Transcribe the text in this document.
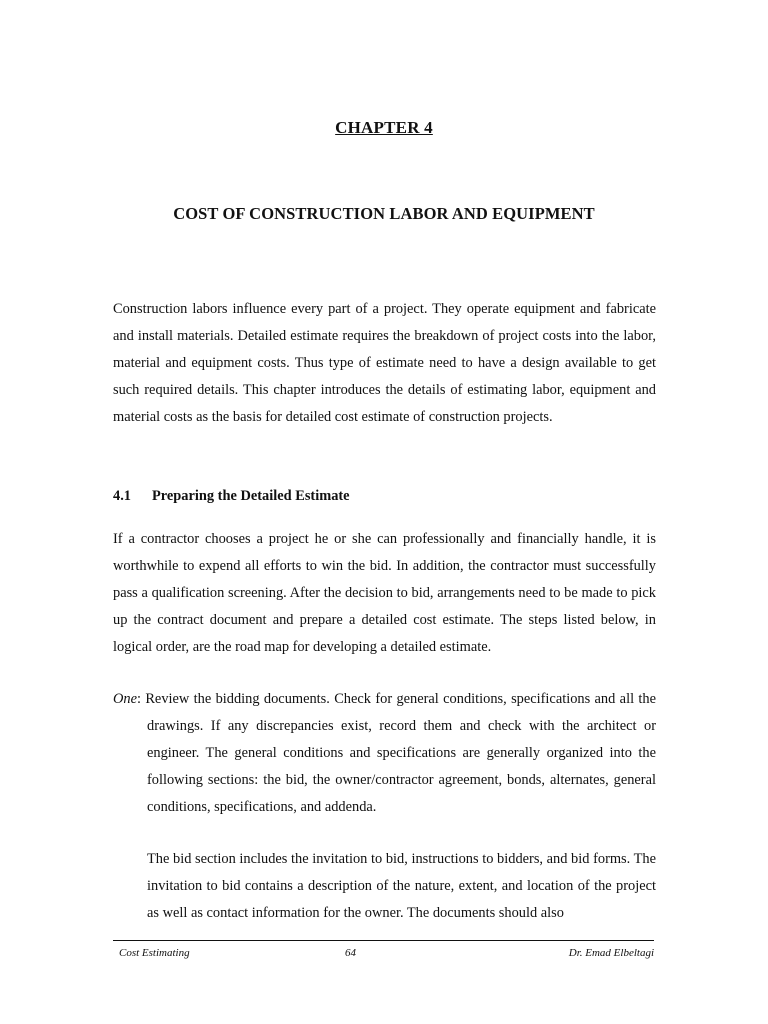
CHAPTER 4
COST OF CONSTRUCTION LABOR AND EQUIPMENT

Construction labors influence every part of a project. They operate equipment and fabricate and install materials. Detailed estimate requires the breakdown of project costs into the labor, material and equipment costs. Thus type of estimate need to have a design available to get such required details. This chapter introduces the details of estimating labor, equipment and material costs as the basis for detailed cost estimate of construction projects.

4.1 Preparing the Detailed Estimate

If a contractor chooses a project he or she can professionally and financially handle, it is worthwhile to expend all efforts to win the bid. In addition, the contractor must successfully pass a qualification screening. After the decision to bid, arrangements need to be made to pick up the contract document and prepare a detailed cost estimate. The steps listed below, in logical order, are the road map for developing a detailed estimate.

One: Review the bidding documents. Check for general conditions, specifications and all the drawings. If any discrepancies exist, record them and check with the architect or engineer. The general conditions and specifications are generally organized into the following sections: the bid, the owner/contractor agreement, bonds, alternates, general conditions, specifications, and addenda.

The bid section includes the invitation to bid, instructions to bidders, and bid forms. The invitation to bid contains a description of the nature, extent, and location of the project as well as contact information for the owner. The documents should also

Cost Estimating	64	Dr. Emad Elbeltagi
